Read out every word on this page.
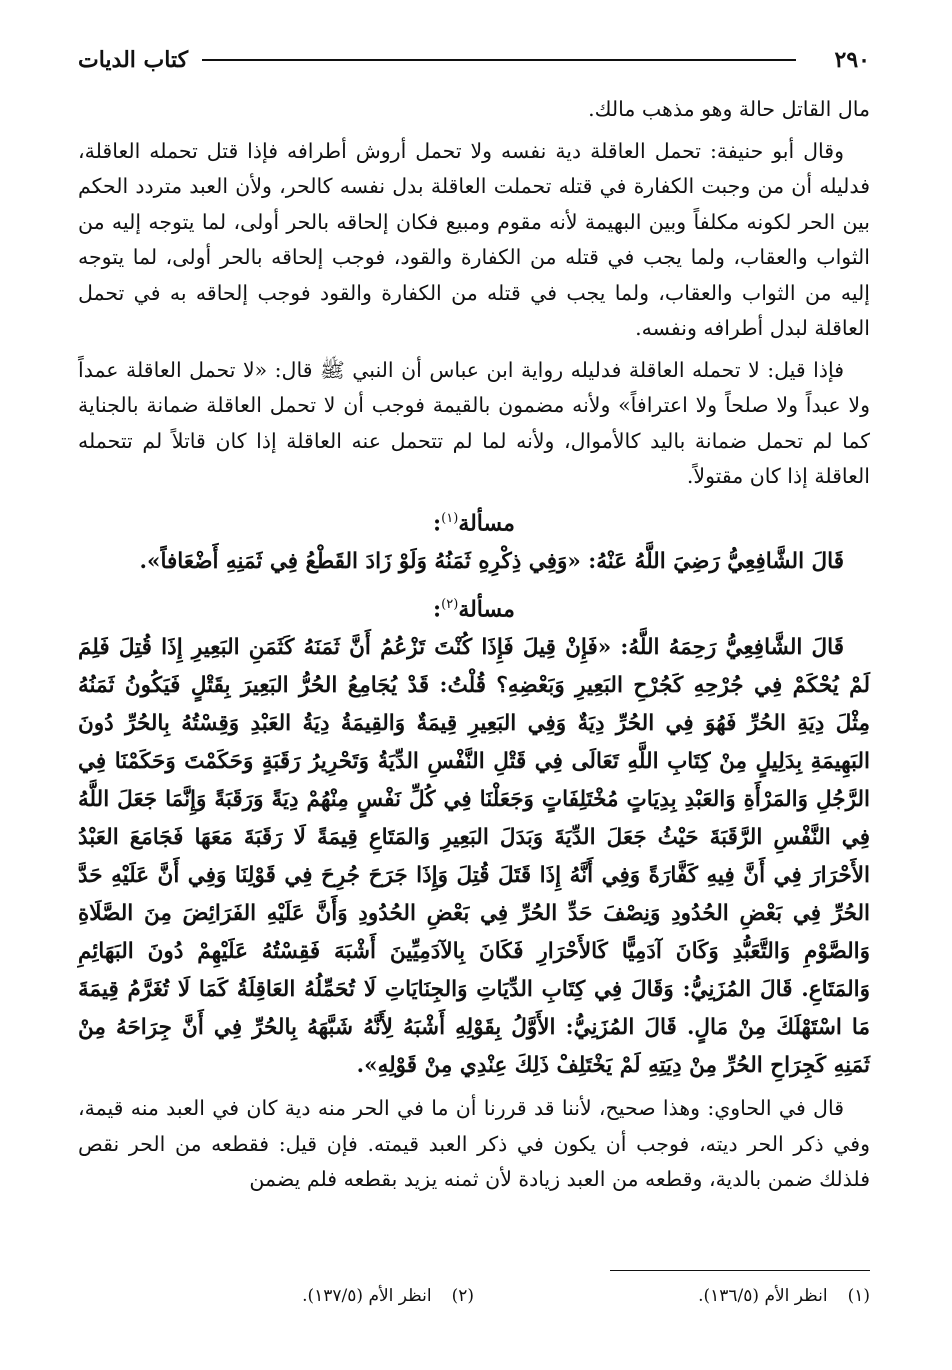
٢٩٠
كتاب الديات

مال القاتل حالة وهو مذهب مالك.

وقال أبو حنيفة: تحمل العاقلة دية نفسه ولا تحمل أروش أطرافه فإذا قتل تحمله العاقلة، فدليله أن من وجبت الكفارة في قتله تحملت العاقلة بدل نفسه كالحر، ولأن العبد متردد الحكم بين الحر لكونه مكلفاً وبين البهيمة لأنه مقوم ومبيع فكان إلحاقه بالحر أولى، لما يتوجه إليه من الثواب والعقاب، ولما يجب في قتله من الكفارة والقود، فوجب إلحاقه بالحر أولى، لما يتوجه إليه من الثواب والعقاب، ولما يجب في قتله من الكفارة والقود فوجب إلحاقه به في تحمل العاقلة لبدل أطرافه ونفسه.

فإذا قيل: لا تحمله العاقلة فدليله رواية ابن عباس أن النبي ﷺ قال: «لا تحمل العاقلة عمداً ولا عبداً ولا صلحاً ولا اعترافاً» ولأنه مضمون بالقيمة فوجب أن لا تحمل العاقلة ضمانة بالجناية كما لم تحمل ضمانة باليد كالأموال، ولأنه لما لم تتحمل عنه العاقلة إذا كان قاتلاً لم تتحمله العاقلة إذا كان مقتولاً.

مسألة$^{(١)}$:

قَالَ الشَّافِعِيُّ رَضِيَ اللَّهُ عَنْهُ: «وَفِي ذِكْرِهِ ثَمَنُهُ وَلَوْ زَادَ القَطْعُ فِي ثَمَنِهِ أَضْعَافاً».

مسألة$^{(٢)}$:

قَالَ الشَّافِعِيُّ رَحِمَهُ اللَّهُ: «فَإِنْ قِيلَ فَإِذَا كُنْتَ تَزْعُمُ أَنَّ ثَمَنَهُ كَثَمَنِ البَعِيرِ إِذَا قُتِلَ فَلِمَ لَمْ يُحْكَمْ فِي جُرْحِهِ كَجُرْحِ البَعِيرِ وَبَعْضِهِ؟ قُلْتُ: قَدْ يُجَامِعُ الحُرُّ البَعِيرَ بِقَتْلٍ فَيَكُونُ ثَمَنُهُ مِثْلَ دِيَةِ الحُرِّ فَهُوَ فِي الحُرِّ دِيَةٌ وَفِي البَعِيرِ قِيمَةٌ وَالقِيمَةُ دِيَةُ العَبْدِ وَقِسْتُهُ بِالحُرِّ دُونَ البَهِيمَةِ بِدَلِيلٍ مِنْ كِتَابِ اللَّهِ تَعَالَى فِي قَتْلِ النَّفْسِ الدِّيَةُ وَتَحْرِيرُ رَقَبَةٍ وَحَكَمْتَ وَحَكَمْنَا فِي الرَّجُلِ وَالمَرْأَةِ وَالعَبْدِ بِدِيَاتٍ مُخْتَلِفَاتٍ وَجَعَلْنَا فِي كُلِّ نَفْسٍ مِنْهُمْ دِيَةً وَرَقَبَةً وَإِنَّمَا جَعَلَ اللَّهُ فِي النَّفْسِ الرَّقَبَةَ حَيْثُ جَعَلَ الدِّيَةَ وَبَدَلَ البَعِيرِ وَالمَتَاعِ قِيمَةً لَا رَقَبَةَ مَعَهَا فَجَامَعَ العَبْدُ الأَحْرَارَ فِي أَنَّ فِيهِ كَفَّارَةً وَفِي أَنَّهُ إِذَا قَتَلَ قُتِلَ وَإِذَا جَرَحَ جُرِحَ فِي قَوْلِنَا وَفِي أَنَّ عَلَيْهِ حَدَّ الحُرِّ فِي بَعْضِ الحُدُودِ وَنِصْفَ حَدِّ الحُرِّ فِي بَعْضِ الحُدُودِ وَأَنَّ عَلَيْهِ الفَرَائِضَ مِنَ الصَّلَاةِ وَالصَّوْمِ وَالتَّعَبُّدِ وَكَانَ آدَمِيًّا كَالأَحْرَارِ فَكَانَ بِالآدَمِيِّينَ أَشْبَهَ فَقِسْتُهُ عَلَيْهِمْ دُونَ البَهَائِمِ وَالمَتَاعِ. قَالَ المُزَنِيُّ: وَقَالَ فِي كِتَابِ الدِّيَاتِ وَالجِنَايَاتِ لَا تُحَمِّلُهُ العَاقِلَةُ كَمَا لَا تُغَرَّمُ قِيمَةَ مَا اسْتَهْلَكَ مِنْ مَالٍ. قَالَ المُزَنِيُّ: الأَوَّلُ بِقَوْلِهِ أَشْبَهُ لِأَنَّهُ شَبَّهَهُ بِالحُرِّ فِي أَنَّ جِرَاحَهُ مِنْ ثَمَنِهِ كَجِرَاحِ الحُرِّ مِنْ دِيَتِهِ لَمْ يَخْتَلِفْ ذَلِكَ عِنْدِي مِنْ قَوْلِهِ».

قال في الحاوي: وهذا صحيح، لأننا قد قررنا أن ما في الحر منه دية كان في العبد منه قيمة، وفي ذكر الحر ديته، فوجب أن يكون في ذكر العبد قيمته. فإن قيل: فقطعه من الحر نقص فلذلك ضمن بالدية، وقطعه من العبد زيادة لأن ثمنه يزيد بقطعه فلم يضمن

(١)انظر الأم (١٣٦/٥).
(٢)انظر الأم (١٣٧/٥).
